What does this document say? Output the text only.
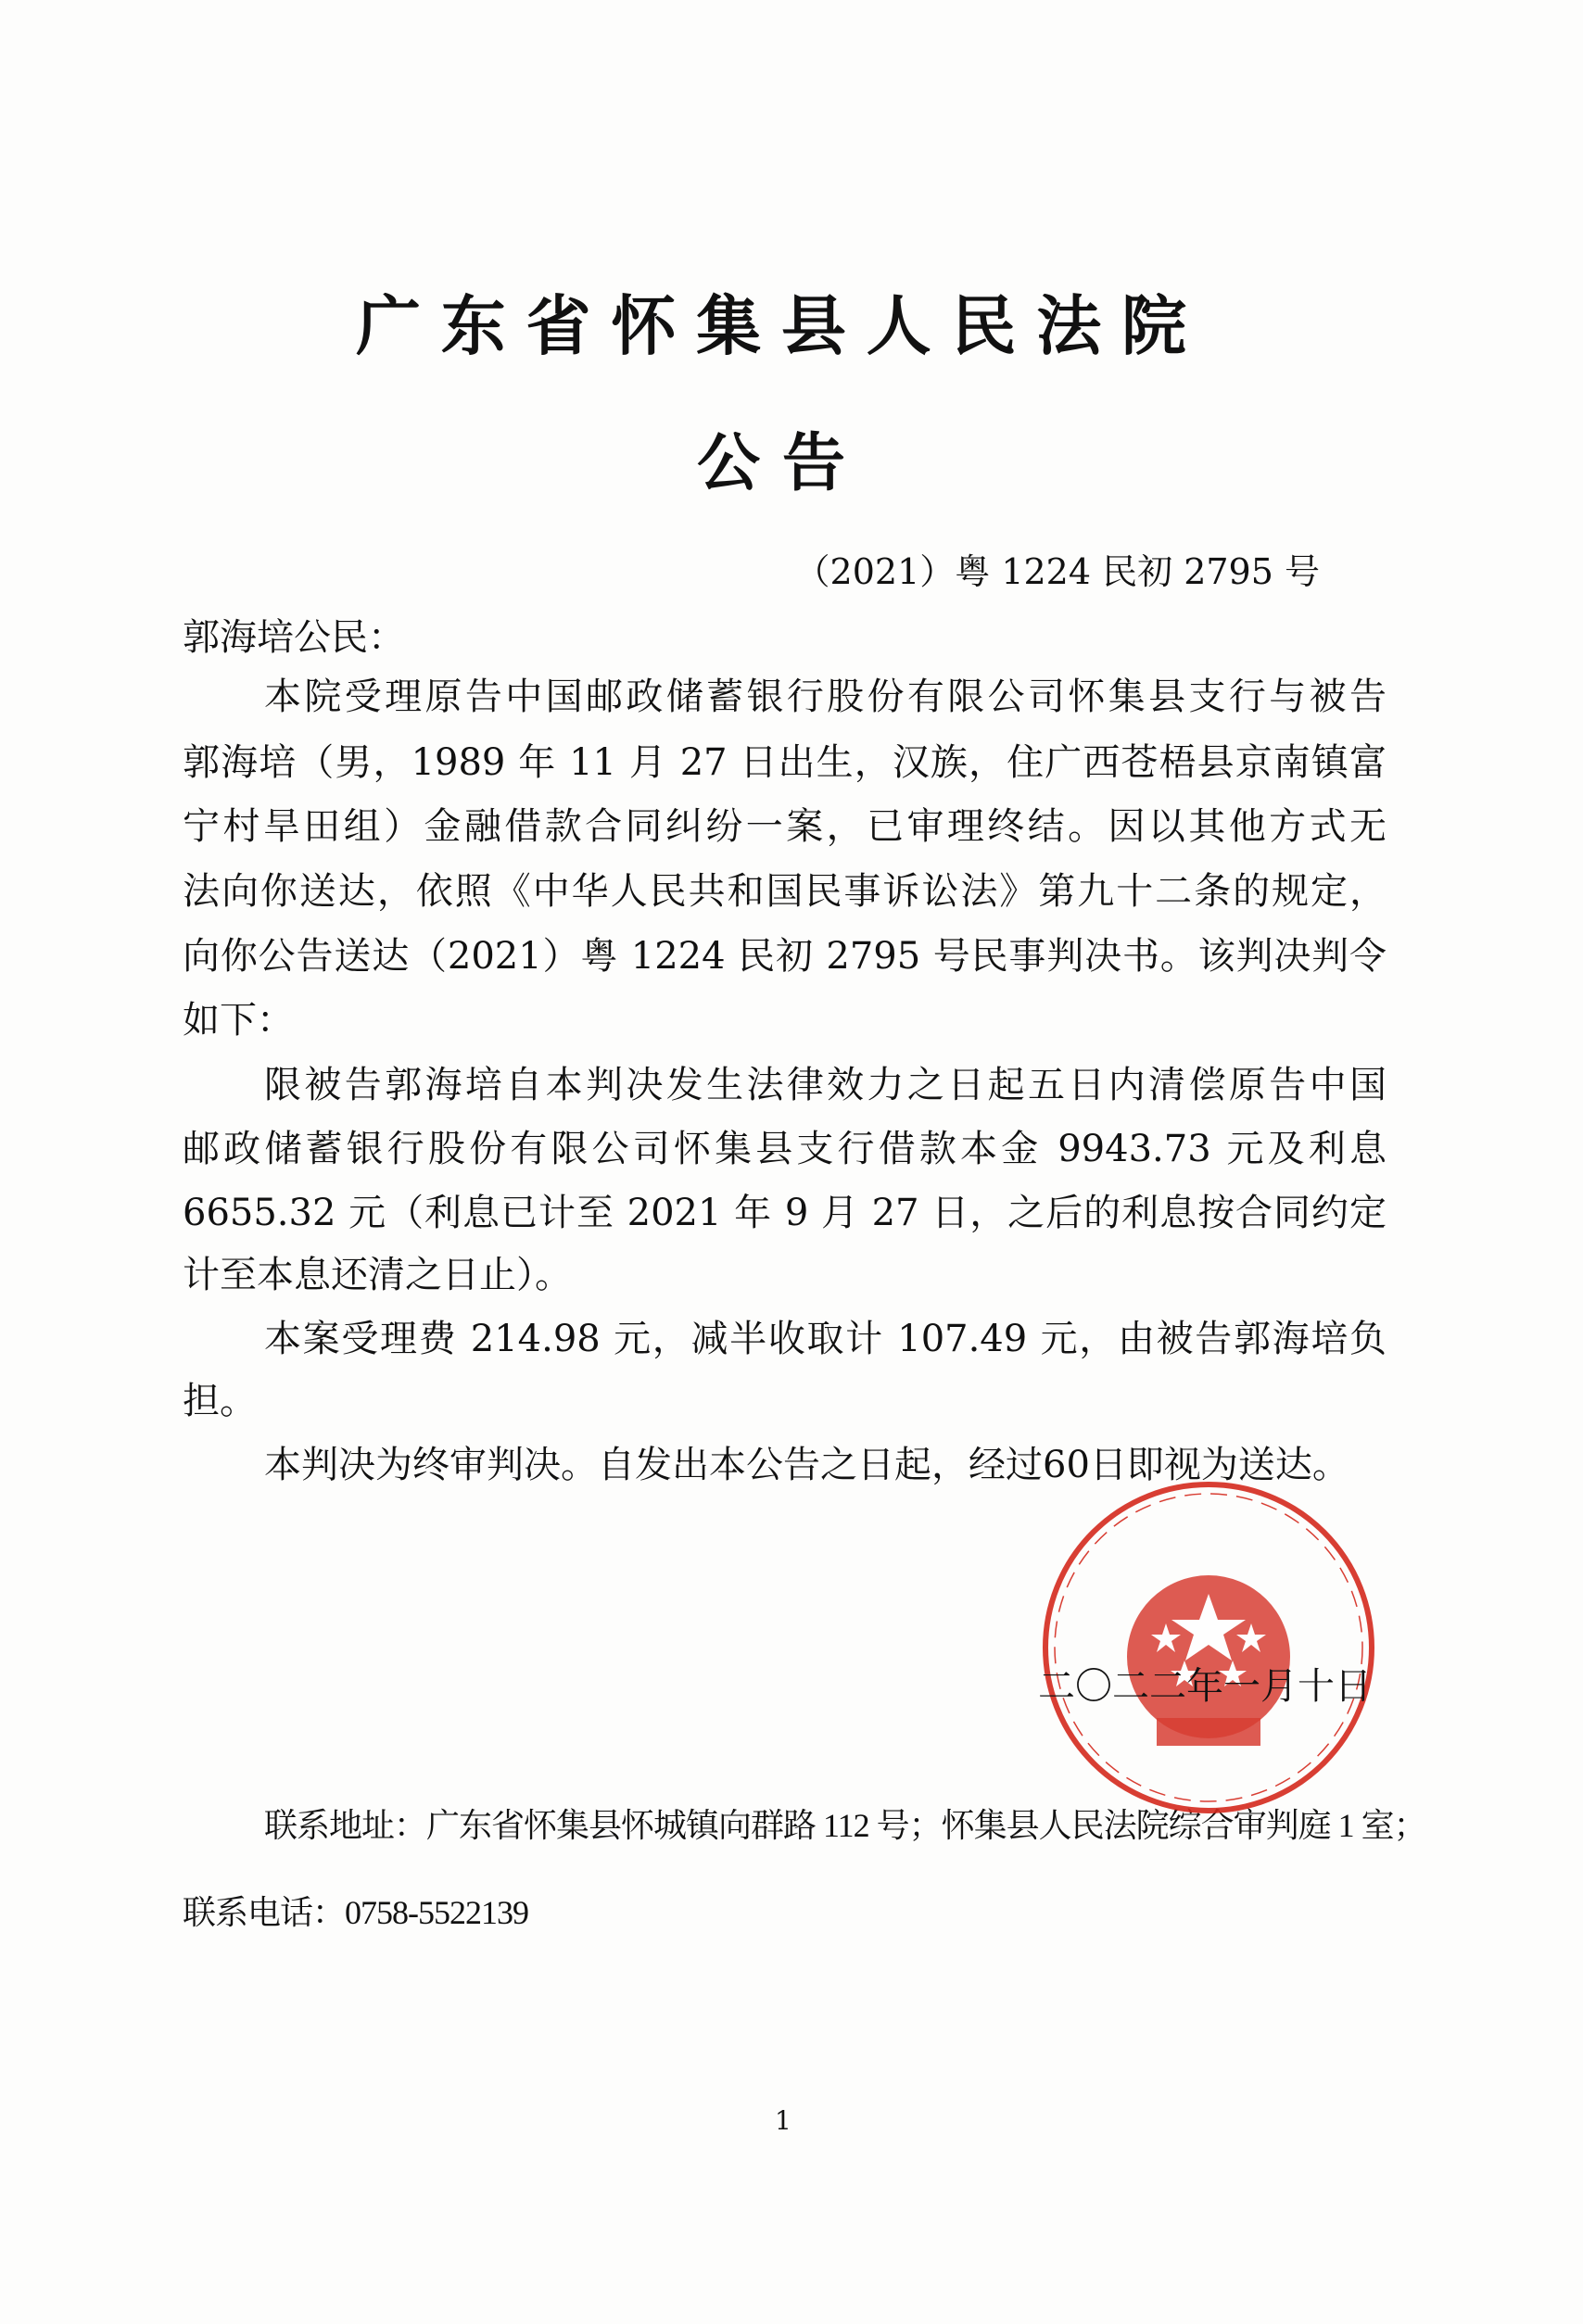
广东省怀集县人民法院
公告
（2021）粤 1224 民初 2795 号
郭海培公民：
本院受理原告中国邮政储蓄银行股份有限公司怀集县支行与被告
郭海培（男，1989 年 11 月 27 日出生，汉族，住广西苍梧县京南镇富
宁村旱田组）金融借款合同纠纷一案，已审理终结。因以其他方式无
法向你送达，依照《中华人民共和国民事诉讼法》第九十二条的规定，
向你公告送达（2021）粤 1224 民初 2795 号民事判决书。该判决判令
如下：
限被告郭海培自本判决发生法律效力之日起五日内清偿原告中国
邮政储蓄银行股份有限公司怀集县支行借款本金 9943.73 元及利息
6655.32 元（利息已计至 2021 年 9 月 27 日，之后的利息按合同约定
计至本息还清之日止）。
本案受理费 214.98 元，减半收取计 107.49 元，由被告郭海培负
担。
本判决为终审判决。自发出本公告之日起，经过60日即视为送达。
二〇二二年一月十日
联系地址：广东省怀集县怀城镇向群路 112 号；怀集县人民法院综合审判庭 1 室；
联系电话：0758-5522139
1
